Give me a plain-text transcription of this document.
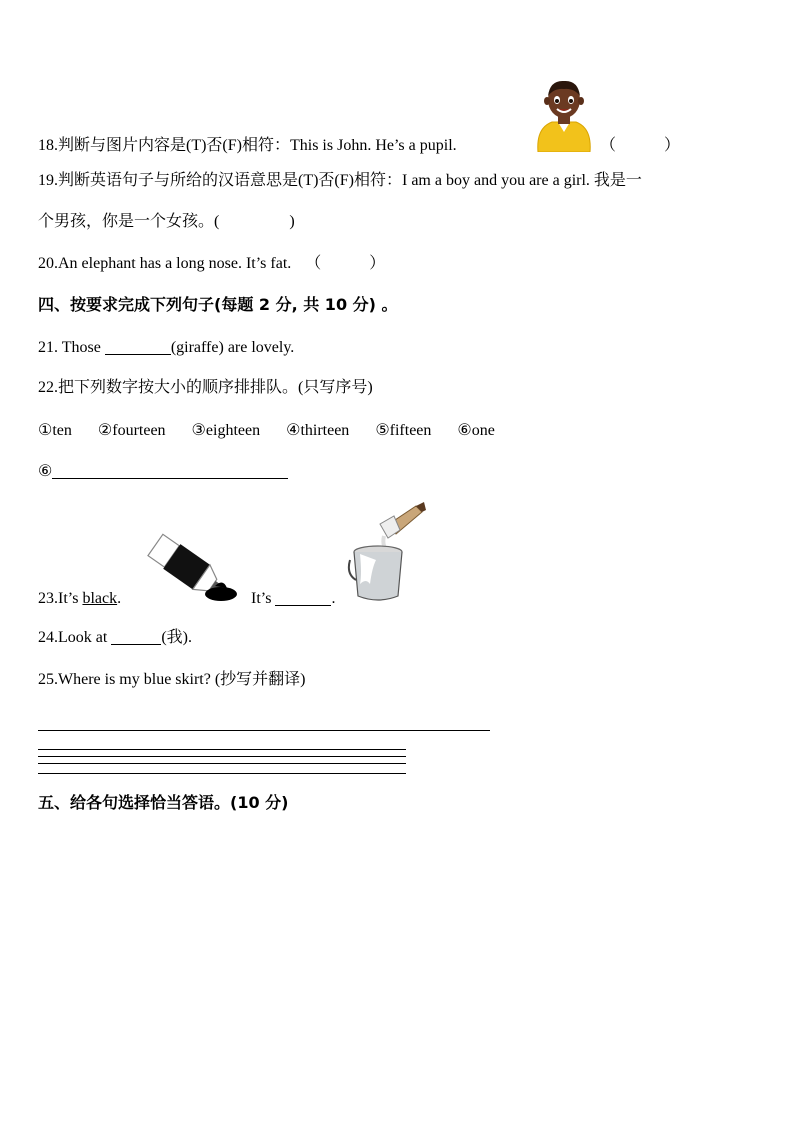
18.判断与图片内容是(T)否(F)相符：This is John. He’s a pupil.	（	）
19.判断英语句子与所给的汉语意思是(T)否(F)相符：I am a boy and you are a girl. 我是一
个男孩，你是一个女孩。(	)
20.An elephant has a long nose. It’s fat. （	）
四、按要求完成下列句子(每题 2 分, 共 10 分) 。
21. Those	(giraffe) are lovely.
22.把下列数字按大小的顺序排排队。(只写序号)
①ten ②fourteen ③eighteen ④thirteen ⑤fifteen ⑥one
⑥
23.It’s black.	It’s	.
24.Look at	(我).
25.Where is my blue skirt? (抄写并翻译)
五、给各句选择恰当答语。(10 分)
